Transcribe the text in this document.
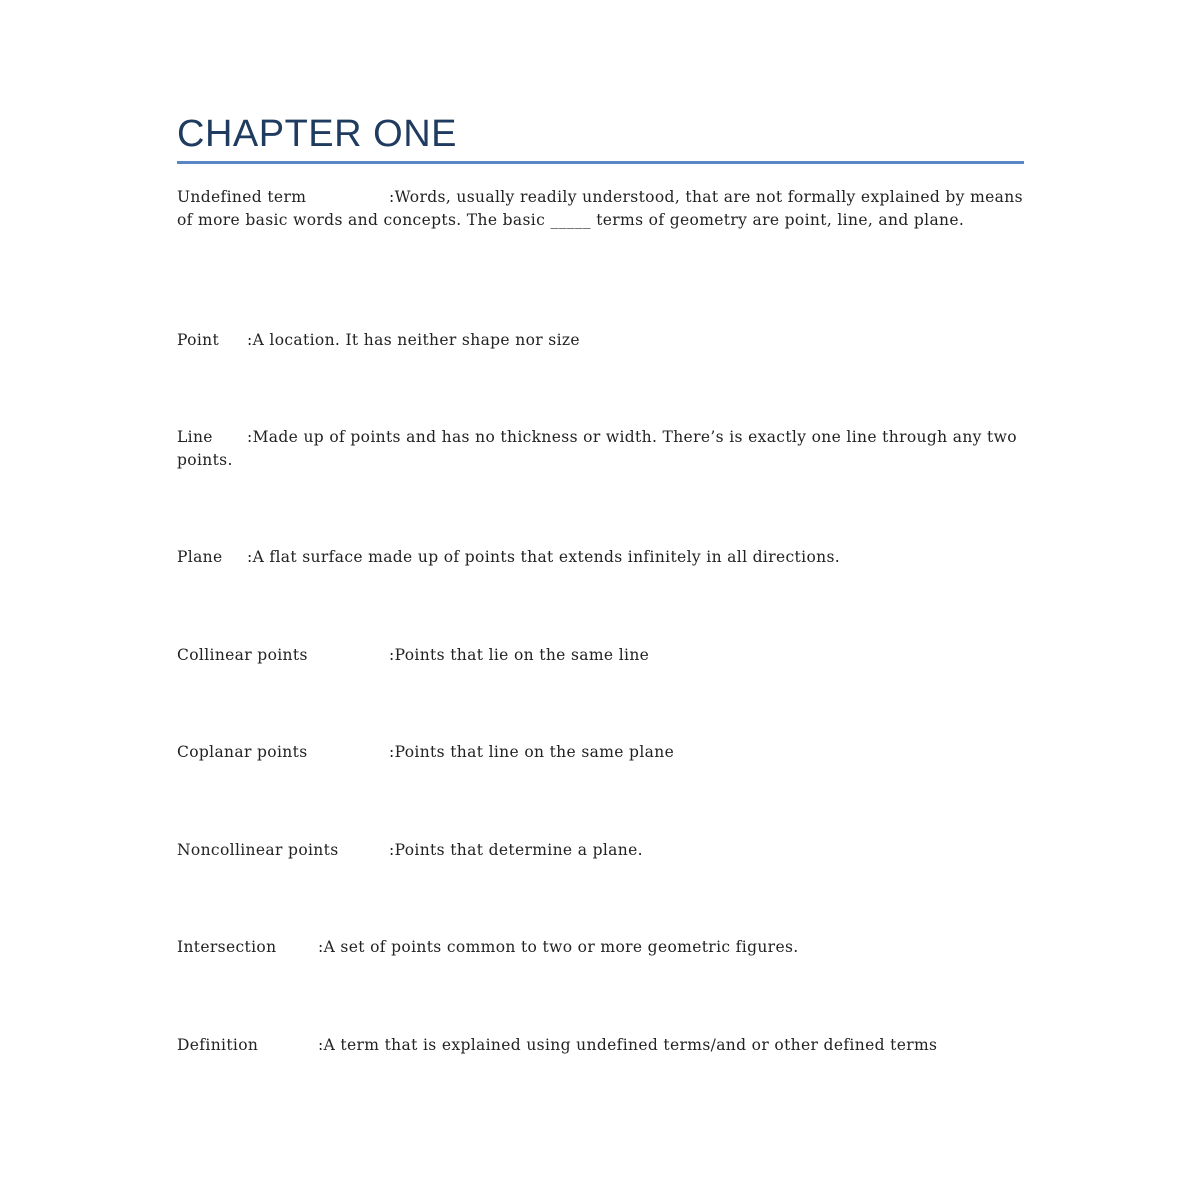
CHAPTER ONE
Undefined term	:Words, usually readily understood, that are not formally explained by means of more basic words and concepts. The basic _____ terms of geometry are point, line, and plane.
Point :A location. It has neither shape nor size
Line :Made up of points and has no thickness or width. There’s is exactly one line through any two points.
Plane :A flat surface made up of points that extends infinitely in all directions.
Collinear points	:Points that lie on the same line
Coplanar points	:Points that line on the same plane
Noncollinear points	:Points that determine a plane.
Intersection	:A set of points common to two or more geometric figures.
Definition	:A term that is explained using undefined terms/and or other defined terms
